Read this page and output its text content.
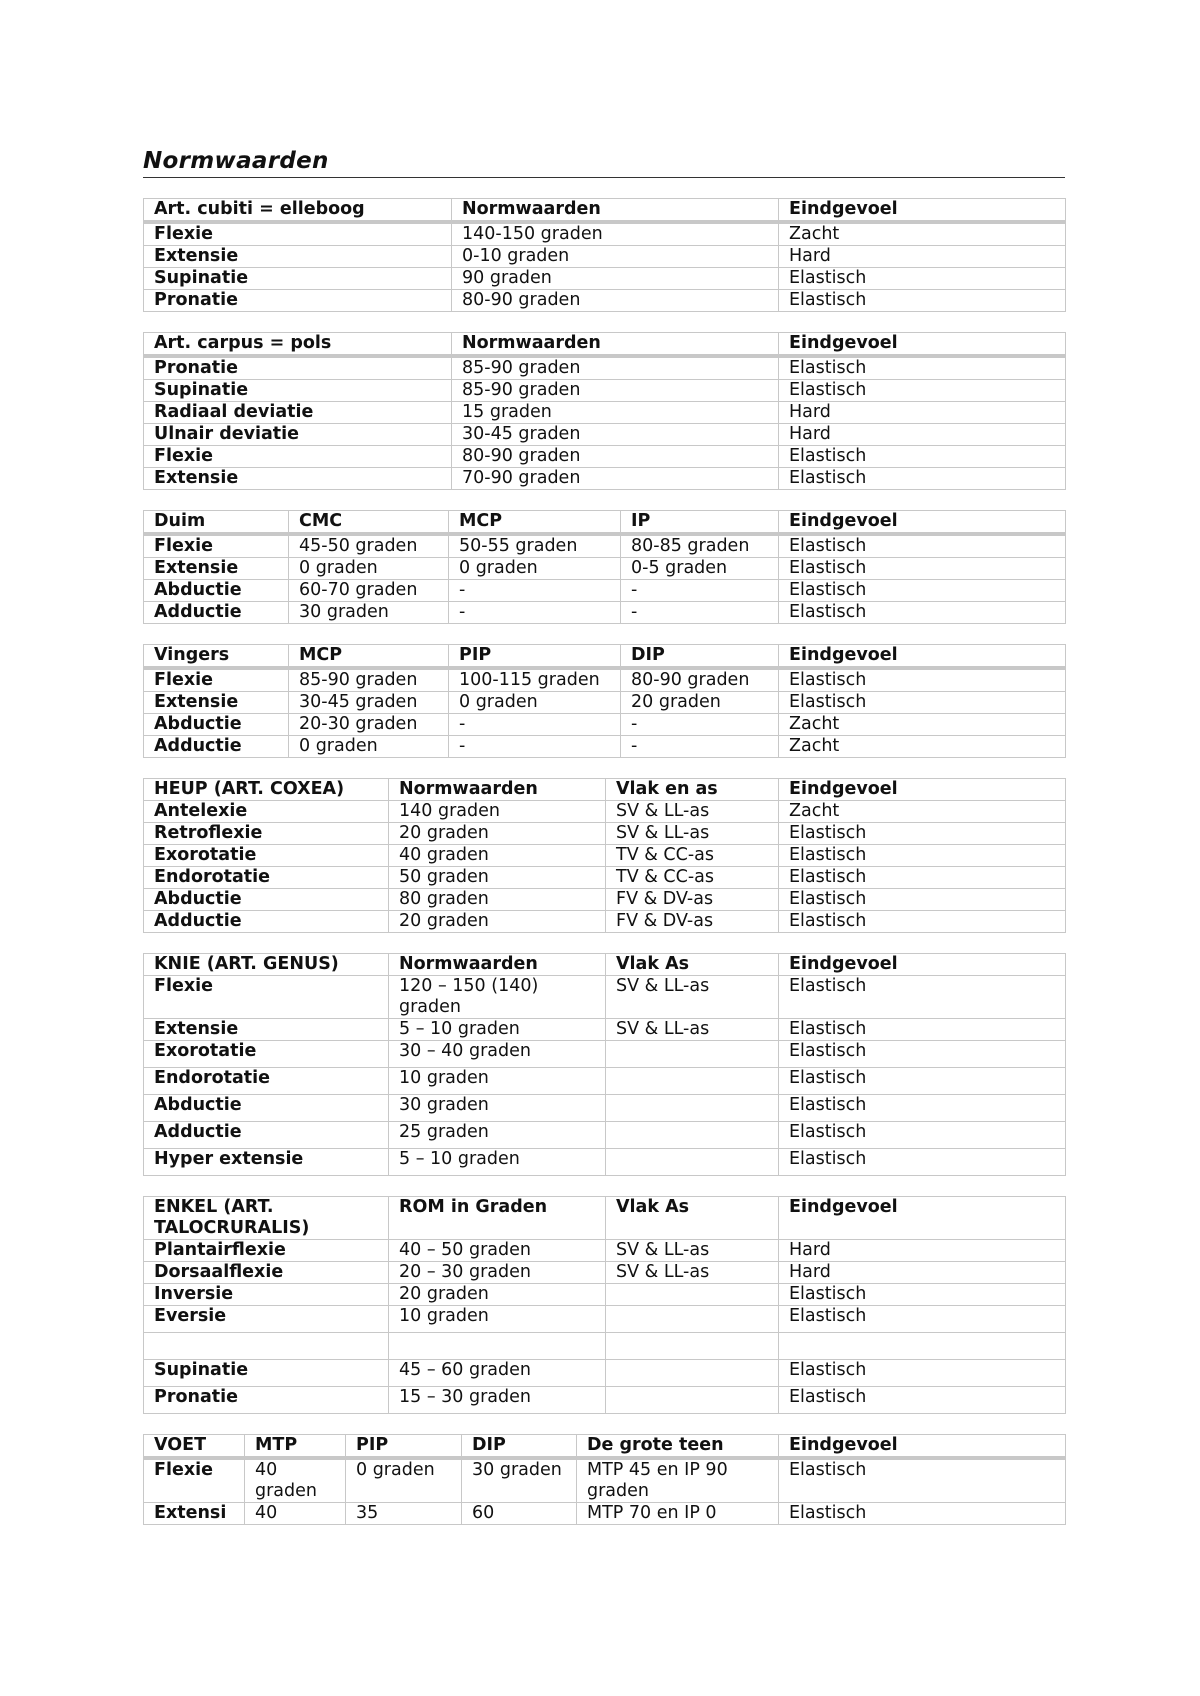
Normwaarden
Art. cubiti = elleboog	Normwaarden	Eindgevoel
Flexie	140-150 graden	Zacht
Extensie	0-10 graden	Hard
Supinatie	90 graden	Elastisch
Pronatie	80-90 graden	Elastisch
Art. carpus = pols	Normwaarden	Eindgevoel
Pronatie	85-90 graden	Elastisch
Supinatie	85-90 graden	Elastisch
Radiaal deviatie	15 graden	Hard
Ulnair deviatie	30-45 graden	Hard
Flexie	80-90 graden	Elastisch
Extensie	70-90 graden	Elastisch
Duim	CMC	MCP	IP	Eindgevoel
Flexie	45-50 graden	50-55 graden	80-85 graden	Elastisch
Extensie	0 graden	0 graden	0-5 graden	Elastisch
Abductie	60-70 graden	-	-	Elastisch
Adductie	30 graden	-	-	Elastisch
Vingers	MCP	PIP	DIP	Eindgevoel
Flexie	85-90 graden	100-115 graden	80-90 graden	Elastisch
Extensie	30-45 graden	0 graden	20 graden	Elastisch
Abductie	20-30 graden	-	-	Zacht
Adductie	0 graden	-	-	Zacht
HEUP (ART. COXEA)	Normwaarden	Vlak en as	Eindgevoel
Antelexie	140 graden	SV & LL-as	Zacht
Retroflexie	20 graden	SV & LL-as	Elastisch
Exorotatie	40 graden	TV & CC-as	Elastisch
Endorotatie	50 graden	TV & CC-as	Elastisch
Abductie	80 graden	FV & DV-as	Elastisch
Adductie	20 graden	FV & DV-as	Elastisch
KNIE (ART. GENUS)	Normwaarden	Vlak As	Eindgevoel
Flexie	120 – 150 (140) graden	SV & LL-as	Elastisch
Extensie	5 – 10 graden	SV & LL-as	Elastisch
Exorotatie	30 – 40 graden		Elastisch
Endorotatie	10 graden		Elastisch
Abductie	30 graden		Elastisch
Adductie	25 graden		Elastisch
Hyper extensie	5 – 10 graden		Elastisch
ENKEL (ART. TALOCRURALIS)	ROM in Graden	Vlak As	Eindgevoel
Plantairflexie	40 – 50 graden	SV & LL-as	Hard
Dorsaalflexie	20 – 30 graden	SV & LL-as	Hard
Inversie	20 graden		Elastisch
Eversie	10 graden		Elastisch

Supinatie	45 – 60 graden		Elastisch
Pronatie	15 – 30 graden		Elastisch
VOET	MTP	PIP	DIP	De grote teen	Eindgevoel
Flexie	40 graden	0 graden	30 graden	MTP 45 en IP 90 graden	Elastisch
Extensi	40	35	60	MTP 70 en IP 0	Elastisch
